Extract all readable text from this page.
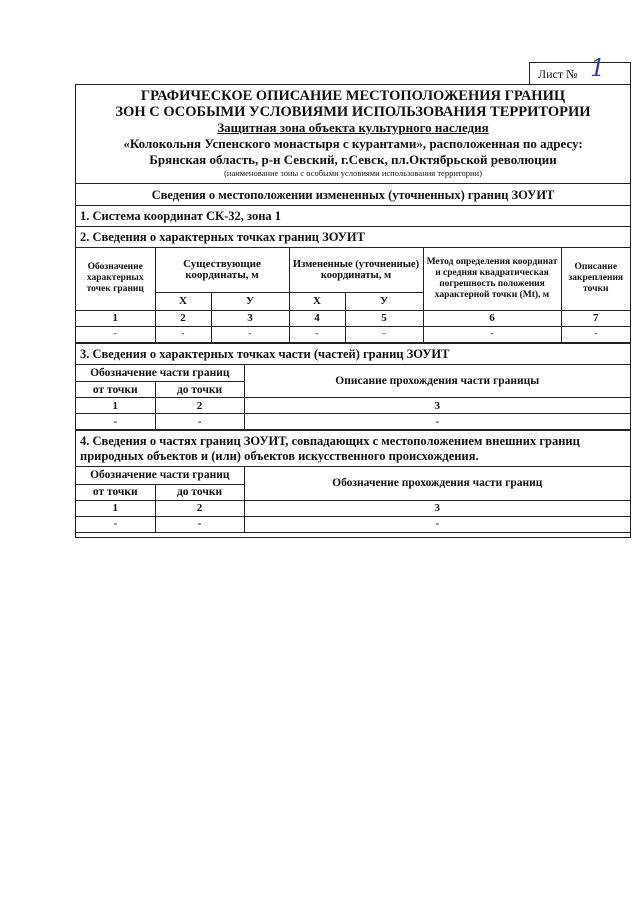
Лист № 1
ГРАФИЧЕСКОЕ ОПИСАНИЕ МЕСТОПОЛОЖЕНИЯ ГРАНИЦ
ЗОН С ОСОБЫМИ УСЛОВИЯМИ ИСПОЛЬЗОВАНИЯ ТЕРРИТОРИИ
Защитная зона объекта культурного наследия
«Колокольня Успенского монастыря с курантами», расположенная по адресу:
Брянская область, р-н Севский, г.Севск, пл.Октябрьской революции
(наименование зоны с особыми условиями использования территории)
Сведения о местоположении измененных (уточненных) границ ЗОУИТ
1. Система координат СК-32, зона 1
2. Сведения о характерных точках границ ЗОУИТ
Обозначение характерных точек границ	Существующие координаты, м		Измененные (уточненные) координаты, м		Метод определения координат и средняя квадратическая погрешность положения характерной точки (Мt), м	Описание закрепления точки
	Х	У	Х	У		
1	2	3	4	5	6	7
-	-	-	-	-	-	-
3. Сведения о характерных точках части (частей) границ ЗОУИТ
Обозначение части границ		Описание прохождения части границы
от точки	до точки	
1	2	3
-	-	-
4. Сведения о частях границ ЗОУИТ, совпадающих с местоположением внешних границ природных объектов и (или) объектов искусственного происхождения.
Обозначение части границ		Обозначение прохождения части границ
от точки	до точки	
1	2	3
-	-	-
